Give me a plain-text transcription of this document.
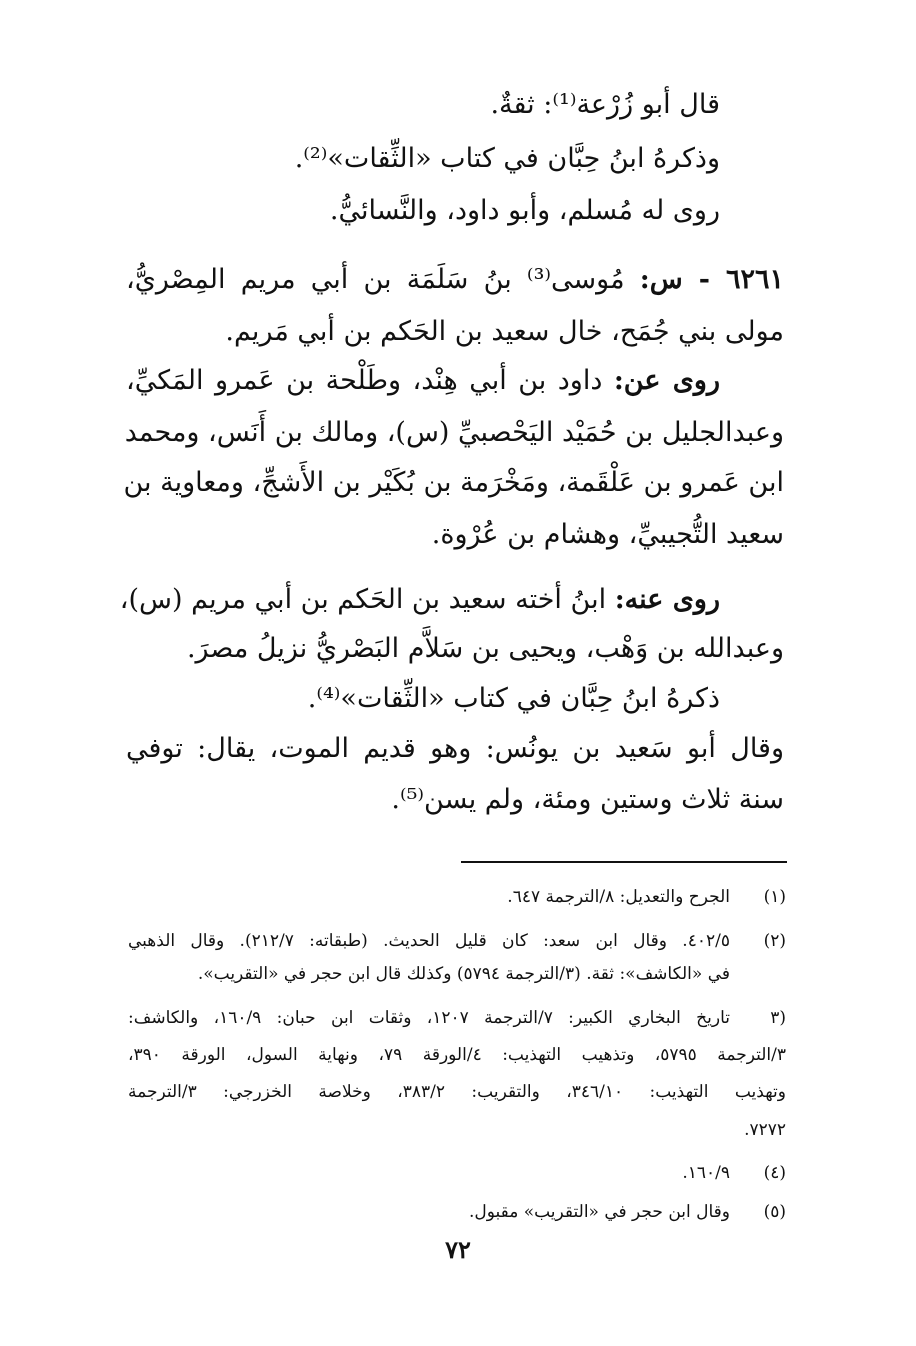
قال أبو زُرْعة⁽¹⁾: ثقةٌ.

وذكرهُ ابنُ حِبَّان في كتاب «الثِّقات»⁽²⁾.

روى له مُسلم، وأبو داود، والنَّسائيُّ.

٦٢٦١ - س: مُوسى⁽³⁾ بنُ سَلَمَة بن أبي مريم المِصْريُّ،

مولى بني جُمَح، خال سعيد بن الحَكم بن أبي مَريم.

روى عن: داود بن أبي هِنْد، وطَلْحة بن عَمرو المَكيِّ،

وعبدالجليل بن حُمَيْد اليَحْصبيِّ (س)، ومالك بن أَنَس، ومحمد

ابن عَمرو بن عَلْقَمة، ومَخْرَمة بن بُكَيْر بن الأَشجِّ، ومعاوية بن

سعيد التُّجيبيِّ، وهشام بن عُرْوة.

روى عنه: ابنُ أخته سعيد بن الحَكم بن أبي مريم (س)،

وعبدالله بن وَهْب، ويحيى بن سَلاَّم البَصْريُّ نزيلُ مصرَ.

ذكرهُ ابنُ حِبَّان في كتاب «الثِّقات»⁽⁴⁾.

وقال أبو سَعيد بن يونُس: وهو قديم الموت، يقال: توفي

سنة ثلاث وستين ومئة، ولم يسن⁽⁵⁾.

(١)

الجرح والتعديل: ٨/الترجمة ٦٤٧.

(٢)

٤٠٢/٥. وقال ابن سعد: كان قليل الحديث. (طبقاته: ٢١٢/٧). وقال الذهبي

في «الكاشف»: ثقة. (٣/الترجمة ٥٧٩٤) وكذلك قال ابن حجر في «التقريب».

(٣

تاريخ البخاري الكبير: ٧/الترجمة ١٢٠٧، وثقات ابن حبان: ١٦٠/٩، والكاشف:

٣/الترجمة ٥٧٩٥، وتذهيب التهذيب: ٤/الورقة ٧٩، ونهاية السول، الورقة ٣٩٠،

وتهذيب التهذيب: ٣٤٦/١٠، والتقريب: ٣٨٣/٢، وخلاصة الخزرجي: ٣/الترجمة

٧٢٧٢.

(٤)

١٦٠/٩.

(٥)

وقال ابن حجر في «التقريب» مقبول.

٧٢
